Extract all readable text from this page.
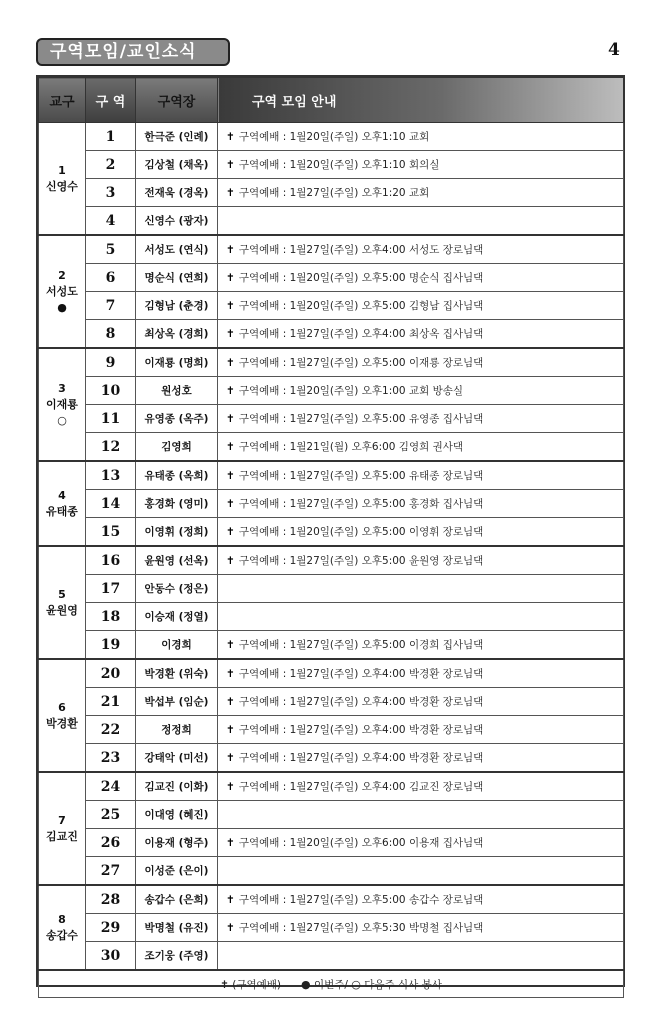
구역모임/교인소식	4
교구	구 역	구역장	구역 모임 안내

1
신영수	1	한극준 (인례)	✝ 구역예배 : 1월20일(주일) 오후1:10 교회
	2	김상철 (채옥)	✝ 구역예배 : 1월20일(주일) 오후1:10 회의실
	3	전재욱 (경옥)	✝ 구역예배 : 1월27일(주일) 오후1:20 교회
	4	신영수 (광자)	

2
서성도
●	5	서성도 (연식)	✝ 구역예배 : 1월27일(주일) 오후4:00 서성도 장로님댁
	6	명순식 (연희)	✝ 구역예배 : 1월20일(주일) 오후5:00 명순식 집사님댁
	7	김형남 (춘경)	✝ 구역예배 : 1월20일(주일) 오후5:00 김형남 집사님댁
	8	최상옥 (경희)	✝ 구역예배 : 1월27일(주일) 오후4:00 최상옥 집사님댁

3
이재룡
○	9	이재룡 (명희)	✝ 구역예배 : 1월27일(주일) 오후5:00 이재룡 장로님댁
	10	원성호	✝ 구역예배 : 1월20일(주일) 오후1:00 교회 방송실
	11	유영종 (옥주)	✝ 구역예배 : 1월27일(주일) 오후5:00 유영종 집사님댁
	12	김영희	✝ 구역예배 : 1월21일(월) 오후6:00 김영희 권사댁

4
유태종	13	유태종 (옥희)	✝ 구역예배 : 1월27일(주일) 오후5:00 유태종 장로님댁
	14	홍경화 (영미)	✝ 구역예배 : 1월27일(주일) 오후5:00 홍경화 집사님댁
	15	이영휘 (정희)	✝ 구역예배 : 1월20일(주일) 오후5:00 이영휘 장로님댁

5
윤원영	16	윤원영 (선옥)	✝ 구역예배 : 1월27일(주일) 오후5:00 윤원영 장로님댁
	17	안동수 (정은)	
	18	이승재 (정열)	
	19	이경희	✝ 구역예배 : 1월27일(주일) 오후5:00 이경희 집사님댁

6
박경환	20	박경환 (위숙)	✝ 구역예배 : 1월27일(주일) 오후4:00 박경환 장로님댁
	21	박섭부 (임순)	✝ 구역예배 : 1월27일(주일) 오후4:00 박경환 장로님댁
	22	정정희	✝ 구역예배 : 1월27일(주일) 오후4:00 박경환 장로님댁
	23	강태악 (미선)	✝ 구역예배 : 1월27일(주일) 오후4:00 박경환 장로님댁

7
김교진	24	김교진 (이화)	✝ 구역예배 : 1월27일(주일) 오후4:00 김교진 장로님댁
	25	이대영 (혜진)	
	26	이용재 (형주)	✝ 구역예배 : 1월20일(주일) 오후6:00 이용재 집사님댁
	27	이성준 (은이)	

8
송갑수	28	송갑수 (은희)	✝ 구역예배 : 1월27일(주일) 오후5:00 송갑수 장로님댁
	29	박명철 (유진)	✝ 구역예배 : 1월27일(주일) 오후5:30 박명철 집사님댁
	30	조기웅 (주영)	
✝ (구역예배) ● 이번주/ ○ 다음주 식사 봉사			
